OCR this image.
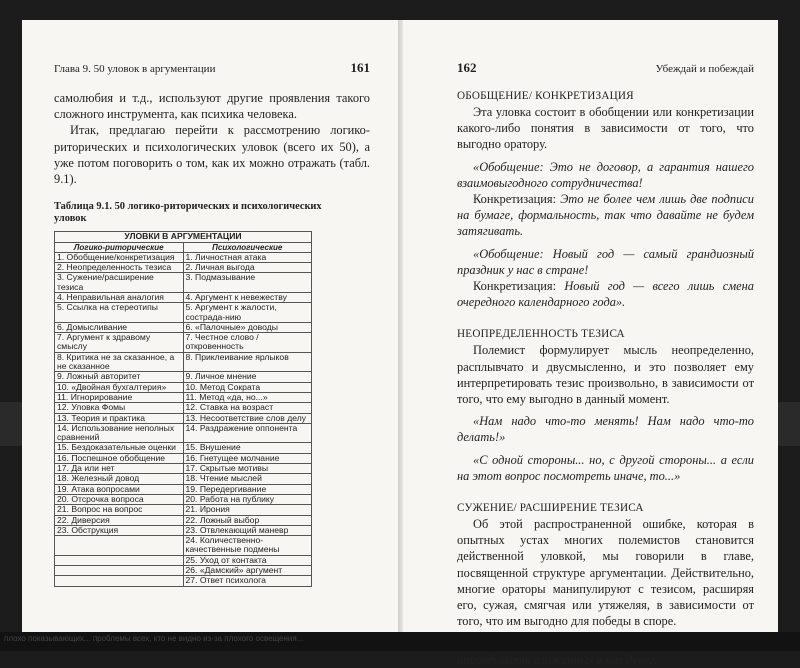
Глава 9. 50 уловок в аргументации	161

самолюбия и т.д., используют другие проявления такого сложного инструмента, как психика человека.

Итак, предлагаю перейти к рассмотрению логико-риторических и психологических уловок (всего их 50), а уже потом поговорить о том, как их можно отражать (табл. 9.1).

Таблица 9.1. 50 логико-риторических и психологических уловок
УЛОВКИ В АРГУМЕНТАЦИИ	
Логико-риторические	Психологические
1. Обобщение/конкретизация	1. Личностная атака
2. Неопределенность тезиса	2. Личная выгода
3. Сужение/расширение тезиса	3. Подмазывание
4. Неправильная аналогия	4. Аргумент к невежеству
5. Ссылка на стереотипы	5. Аргумент к жалости, сострада-нию
6. Домысливание	6. «Палочные» доводы
7. Аргумент к здравому смыслу	7. Честное слово / откровенность
8. Критика не за сказанное, а не сказанное	8. Приклеивание ярлыков
9. Ложный авторитет	9. Личное мнение
10. «Двойная бухгалтерия»	10. Метод Сократа
11. Игнорирование	11. Метод «да, но...»
12. Уловка Фомы	12. Ставка на возраст
13. Теория и практика	13. Несоответствие слов делу
14. Использование неполных сравнений	14. Раздражение оппонента
15. Бездоказательные оценки	15. Внушение
16. Поспешное обобщение	16. Гнетущее молчание
17. Да или нет	17. Скрытые мотивы
18. Железный довод	18. Чтение мыслей
19. Атака вопросами	19. Передергивание
20. Отсрочка вопроса	20. Работа на публику
21. Вопрос на вопрос	21. Ирония
22. Диверсия	22. Ложный выбор
23. Обструкция	23. Отвлекающий маневр
	24. Количественно-качественные подмены
	25. Уход от контакта
	26. «Дамский» аргумент
	27. Ответ психолога
162	Убеждай и побеждай
ОБОБЩЕНИЕ/ КОНКРЕТИЗАЦИЯ

Эта уловка состоит в обобщении или конкретизации какого-либо понятия в зависимости от того, что выгодно оратору.

«Обобщение: Это не договор, а гарантия нашего взаимовыгодного сотрудничества!

Конкретизация: Это не более чем лишь две подписи на бумаге, формальность, так что давайте не будем затягивать.

«Обобщение: Новый год — самый грандиозный праздник у нас в стране!

Конкретизация: Новый год — всего лишь смена очередного календарного года».

НЕОПРЕДЕЛЕННОСТЬ ТЕЗИСА

Полемист формулирует мысль неопределенно, расплывчато и двусмысленно, и это позволяет ему интерпретировать тезис произвольно, в зависимости от того, что ему выгодно в данный момент.

«Нам надо что-то менять! Нам надо что-то делать!»

«С одной стороны... но, с другой стороны... а если на этот вопрос посмотреть иначе, то...»

СУЖЕНИЕ/ РАСШИРЕНИЕ ТЕЗИСА

Об этой распространенной ошибке, которая в опытных устах многих полемистов становится действенной уловкой, мы говорили в главе, посвященной структуре аргументации. Действительно, многие ораторы манипулируют с тезисом, расширяя его, сужая, смягчая или утяжеляя, в зависимости от того, что им выгодно для победы в споре.

оправдывают вложенных в них денег.

плохо показывающих... проблемы всех, кто не видно из-за плохого освещения...
